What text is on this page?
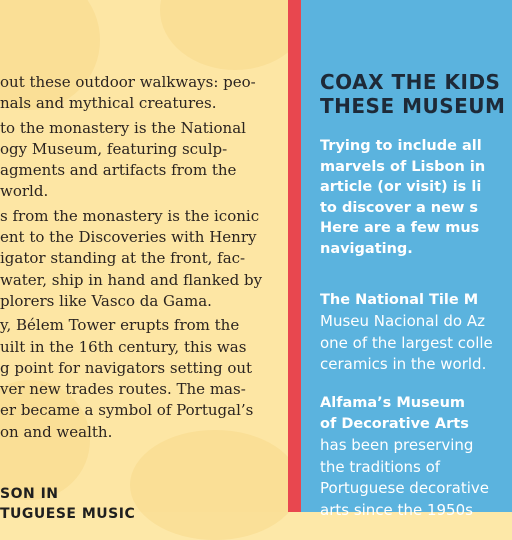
out these outdoor walkways: peo-

nals and mythical creatures.

to the monastery is the National

ogy Museum, featuring sculp-

agments and artifacts from the

world.

s from the monastery is the iconic

ent to the Discoveries with Henry

igator standing at the front, fac-

water, ship in hand and flanked by

plorers like Vasco da Gama.

y, Bélem Tower erupts from the

uilt in the 16th century, this was

g point for navigators setting out

ver new trades routes. The mas-

er became a symbol of Portugal’s

on and wealth.

SON IN
TUGUESE MUSIC
COAX THE KIDS
THESE MUSEUM
Trying to include all
marvels of Lisbon in
article (or visit) is li
to discover a new s
Here are a few mus
navigating.
The National Tile M
Museu Nacional do Az
one of the largest colle
ceramics in the world.
Alfama’s Museum
of Decorative Arts
has been preserving
the traditions of
Portuguese decorative
arts since the 1950s
